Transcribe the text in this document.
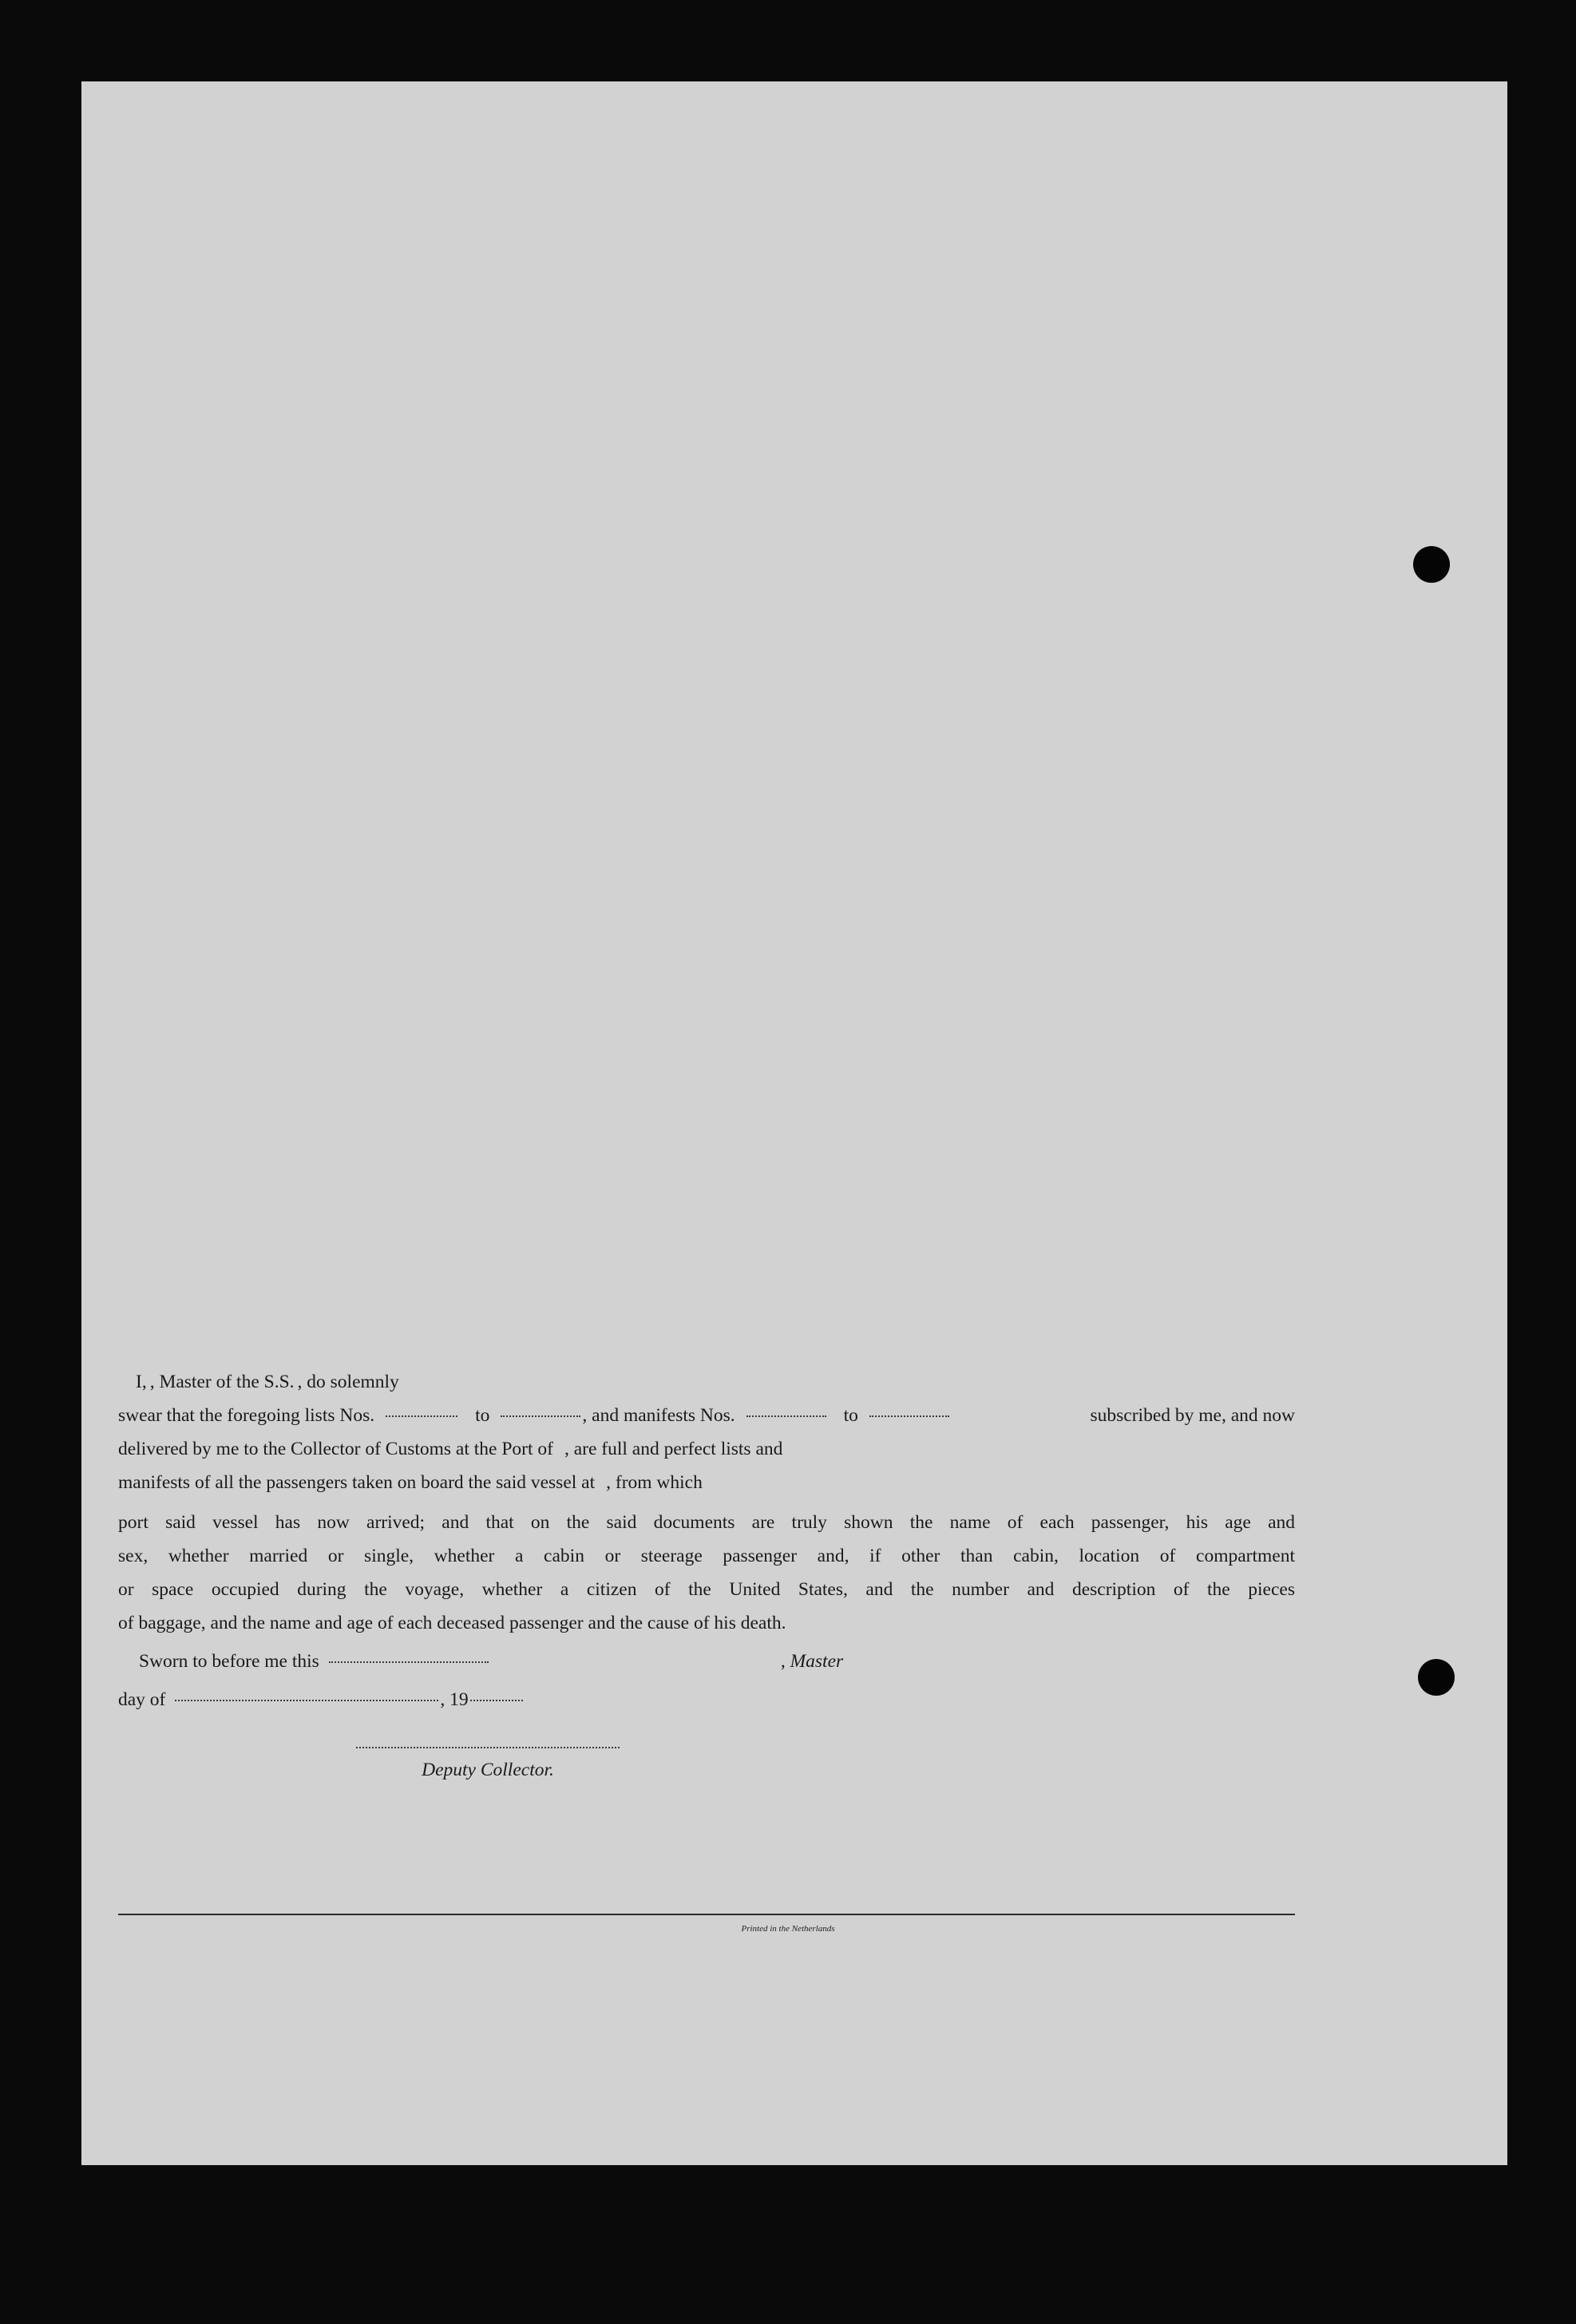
I, , Master of the S.S. , do solemnly
swear that the foregoing lists Nos.	to	, and manifests Nos.	to	subscribed by me, and now
delivered by me to the Collector of Customs at the Port of , are full and perfect lists and
manifests of all the passengers taken on board the said vessel at , from which
port said vessel has now arrived; and that on the said documents are truly shown the name of each passenger, his age and
sex, whether married or single, whether a cabin or steerage passenger and, if other than cabin, location of compartment
or space occupied during the voyage, whether a citizen of the United States, and the number and description of the pieces
of baggage, and the name and age of each deceased passenger and the cause of his death.
Sworn to before me this	, Master
day of	, 19
Deputy Collector.
Printed in the Netherlands
